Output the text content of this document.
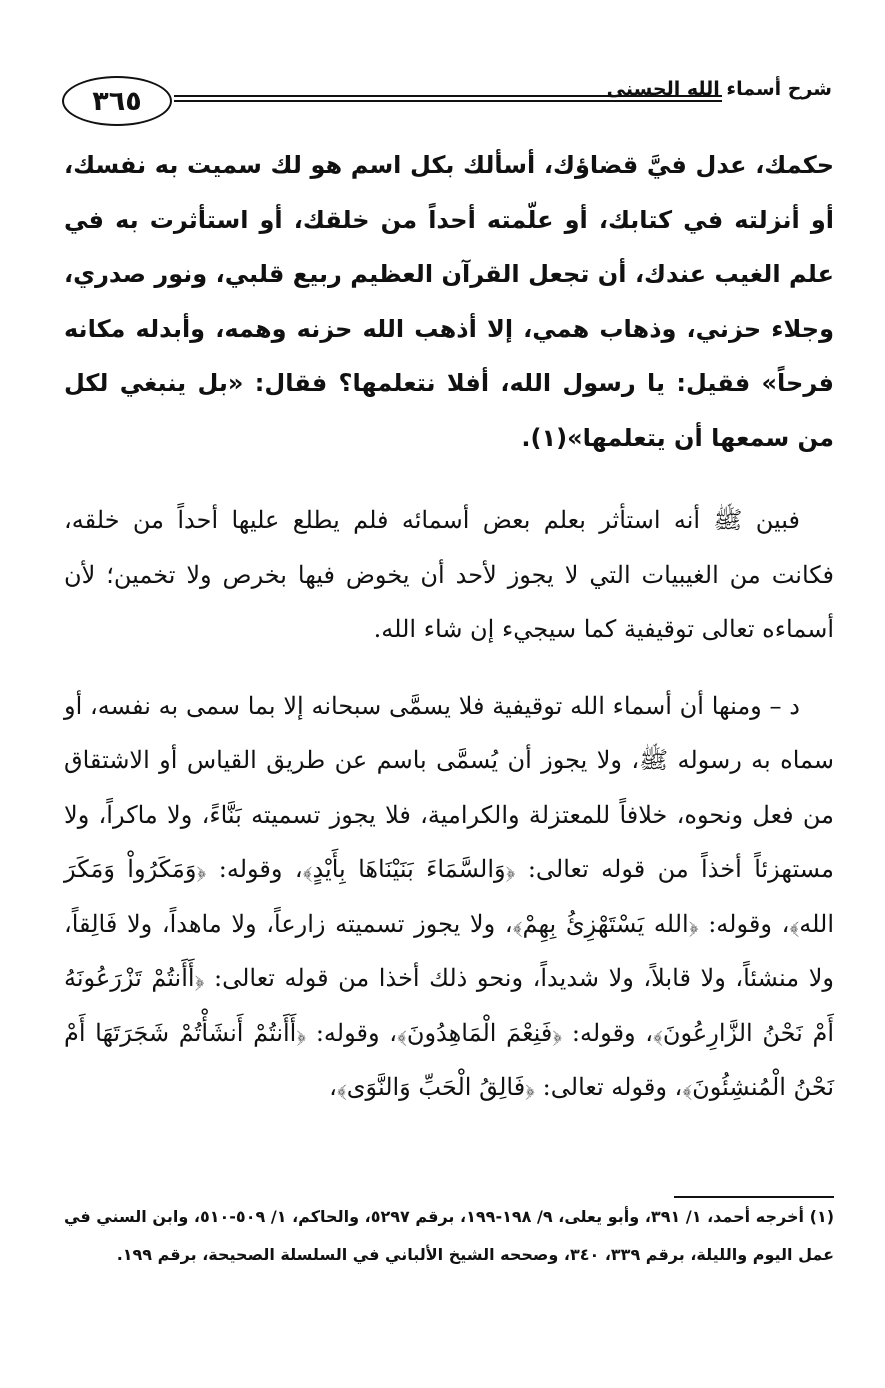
٣٦٥	شرح أسماء الله الحسنى

حكمك، عدل فيَّ قضاؤك، أسألك بكل اسم هو لك سميت به نفسك، أو أنزلته في كتابك، أو علّمته أحداً من خلقك، أو استأثرت به في علم الغيب عندك، أن تجعل القرآن العظيم ربيع قلبي، ونور صدري، وجلاء حزني، وذهاب همي، إلا أذهب الله حزنه وهمه، وأبدله مكانه فرحاً» فقيل: يا رسول الله، أفلا نتعلمها؟ فقال: «بل ينبغي لكل من سمعها أن يتعلمها»(١).

فبين ﷺ أنه استأثر بعلم بعض أسمائه فلم يطلع عليها أحداً من خلقه، فكانت من الغيبيات التي لا يجوز لأحد أن يخوض فيها بخرص ولا تخمين؛ لأن أسماءه تعالى توقيفية كما سيجيء إن شاء الله.

د – ومنها أن أسماء الله توقيفية فلا يسمَّى سبحانه إلا بما سمى به نفسه، أو سماه به رسوله ﷺ، ولا يجوز أن يُسمَّى باسم عن طريق القياس أو الاشتقاق من فعل ونحوه، خلافاً للمعتزلة والكرامية، فلا يجوز تسميته بَنَّاءً، ولا ماكراً، ولا مستهزئاً أخذاً من قوله تعالى: ﴿وَالسَّمَاءَ بَنَيْنَاهَا بِأَيْدٍ﴾، وقوله: ﴿وَمَكَرُواْ وَمَكَرَ الله﴾، وقوله: ﴿الله يَسْتَهْزِئُ بِهِمْ﴾، ولا يجوز تسميته زارعاً، ولا ماهداً، ولا فَالِقاً، ولا منشئاً، ولا قابلاً، ولا شديداً، ونحو ذلك أخذا من قوله تعالى: ﴿أَأَنتُمْ تَزْرَعُونَهُ أَمْ نَحْنُ الزَّارِعُونَ﴾، وقوله: ﴿فَنِعْمَ الْمَاهِدُونَ﴾، وقوله: ﴿أَأَنتُمْ أَنشَأْتُمْ شَجَرَتَهَا أَمْ نَحْنُ الْمُنشِئُونَ﴾، وقوله تعالى: ﴿فَالِقُ الْحَبِّ وَالنَّوَى﴾،

(١) أخرجه أحمد، ١/ ٣٩١، وأبو يعلى، ٩/ ١٩٨-١٩٩، برقم ٥٢٩٧، والحاكم، ١/ ٥٠٩-٥١٠، وابن السني في عمل اليوم والليلة، برقم ٣٣٩، ٣٤٠، وصححه الشيخ الألباني في السلسلة الصحيحة، برقم ١٩٩.
